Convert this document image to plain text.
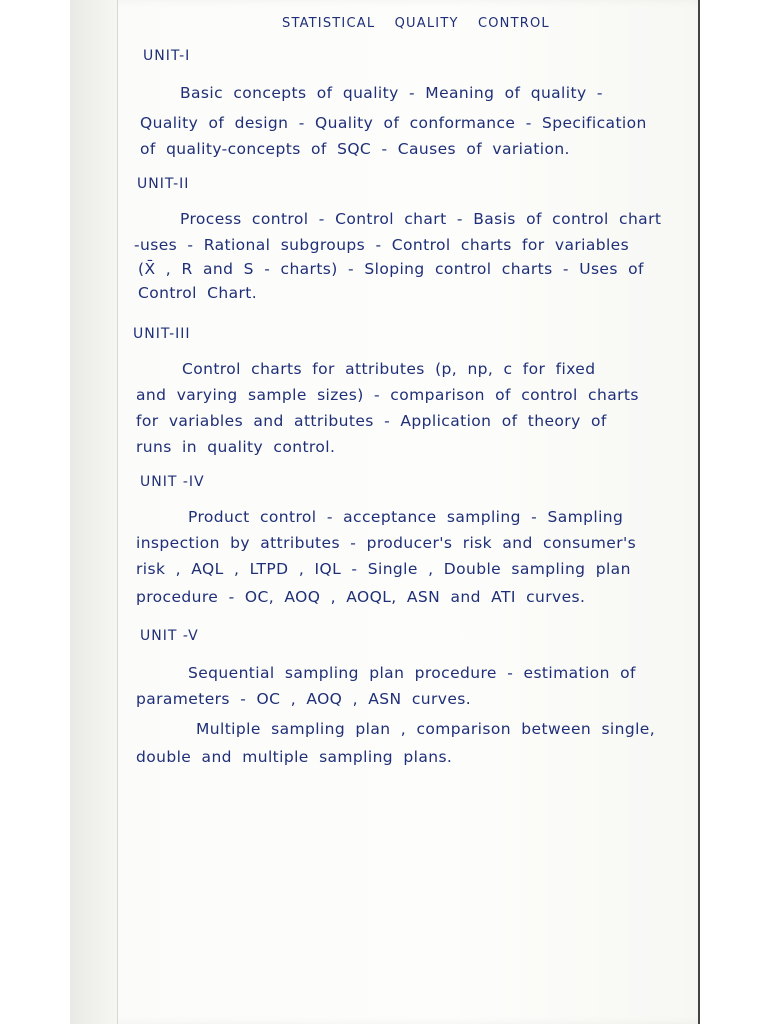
STATISTICAL QUALITY CONTROL
UNIT-I
Basic concepts of quality - Meaning of quality -
Quality of design - Quality of conformance - Specification
of quality-concepts of SQC - Causes of variation.
UNIT-II
Process control - Control chart - Basis of control chart
-uses - Rational subgroups - Control charts for variables
(X̄ , R and S - charts) - Sloping control charts - Uses of
Control Chart.
UNIT-III
Control charts for attributes (p, np, c for fixed
and varying sample sizes) - comparison of control charts
for variables and attributes - Application of theory of
runs in quality control.
UNIT -IV
Product control - acceptance sampling - Sampling
inspection by attributes - producer's risk and consumer's
risk , AQL , LTPD , IQL - Single , Double sampling plan
procedure - OC, AOQ , AOQL, ASN and ATI curves.
UNIT -V
Sequential sampling plan procedure - estimation of
parameters - OC , AOQ , ASN curves.
Multiple sampling plan , comparison between single,
double and multiple sampling plans.
